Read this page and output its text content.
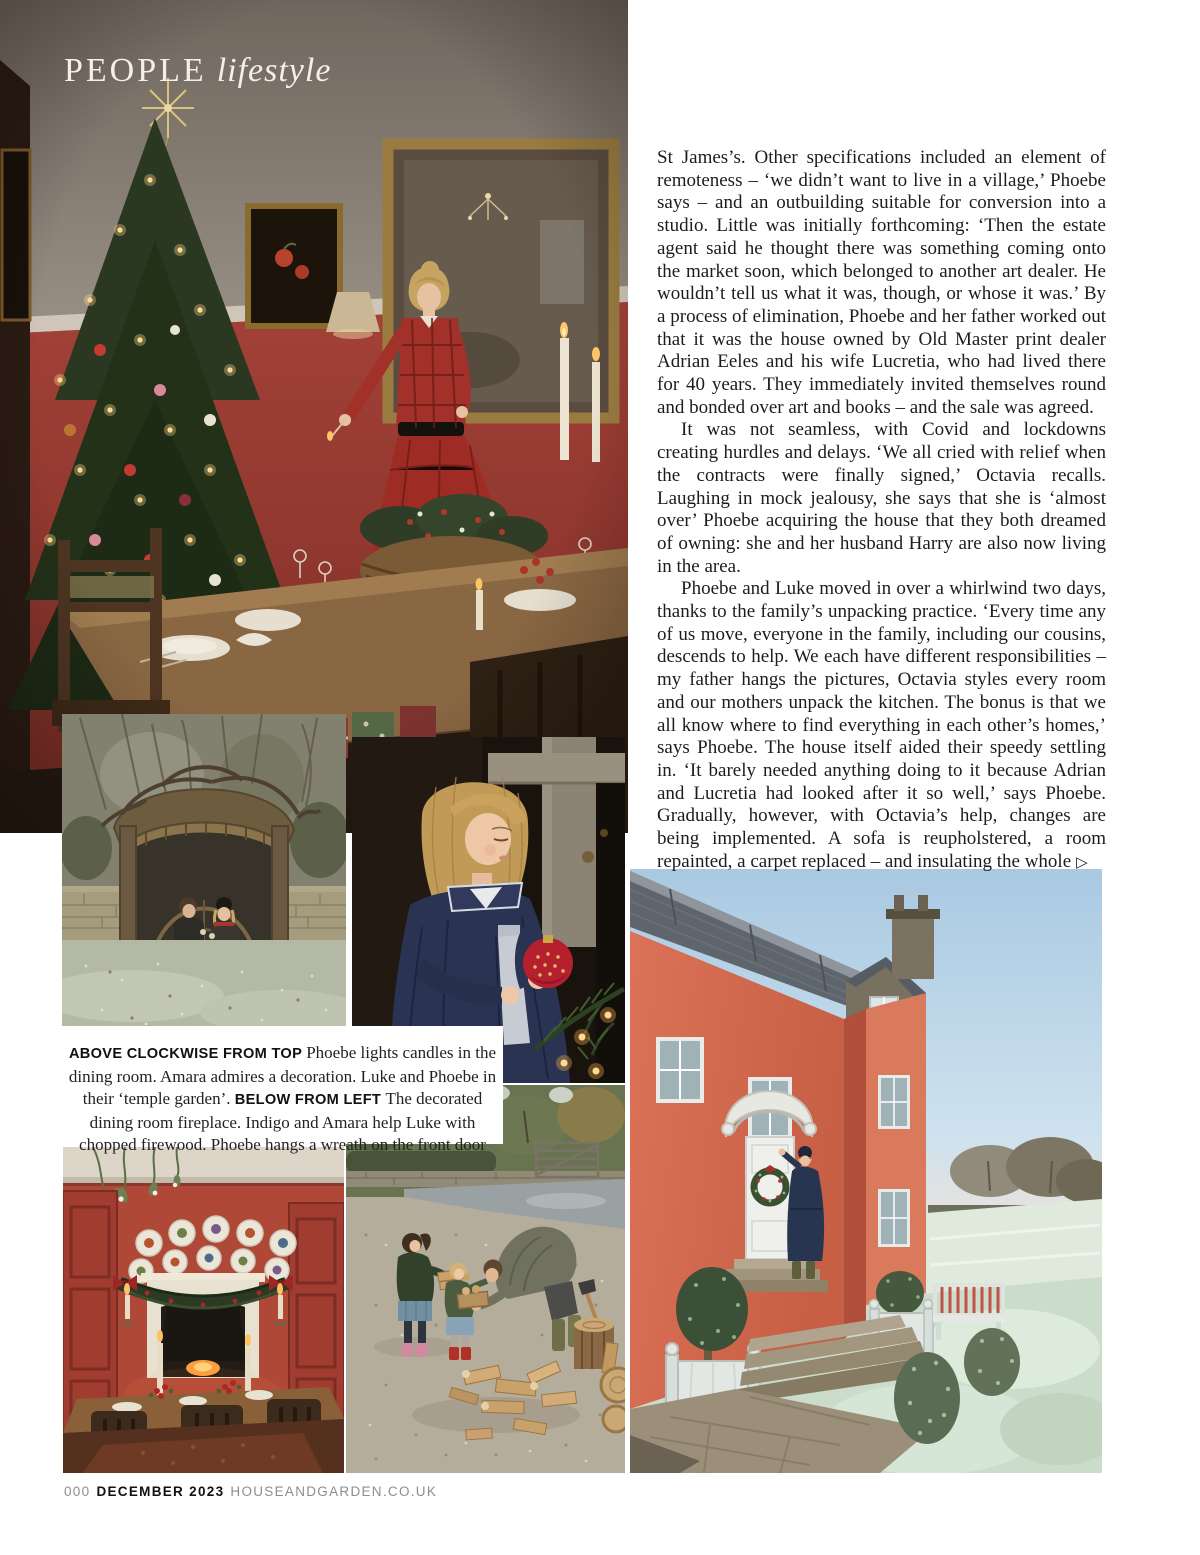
ABOVE CLOCKWISE FROM TOP Phoebe lights candles in the dining room. Amara admires a decoration. Luke and Phoebe in their ‘temple garden’. BELOW FROM LEFT The decorated dining room fireplace. Indigo and Amara help Luke with chopped firewood. Phoebe hangs a wreath on the front door
PEOPLE lifestyle

St James’s. Other specifications included an element of remoteness – ‘we didn’t want to live in a village,’ Phoebe says – and an outbuilding suitable for conversion into a studio. Little was initially forthcoming: ‘Then the estate agent said he thought there was something coming onto the market soon, which belonged to another art dealer. He wouldn’t tell us what it was, though, or whose it was.’ By a process of elimination, Phoebe and her father worked out that it was the house owned by Old Master print dealer Adrian Eeles and his wife Lucretia, who had lived there for 40 years. They immediately invited themselves round and bonded over art and books – and the sale was agreed.

It was not seamless, with Covid and lockdowns creating hurdles and delays. ‘We all cried with relief when the contracts were finally signed,’ Octavia recalls. Laughing in mock jealousy, she says that she is ‘almost over’ Phoebe acquiring the house that they both dreamed of owning: she and her husband Harry are also now living in the area.

Phoebe and Luke moved in over a whirlwind two days, thanks to the family’s unpacking practice. ‘Every time any of us move, everyone in the family, including our cousins, descends to help. We each have different responsibilities – my father hangs the pictures, Octavia styles every room and our mothers unpack the kitchen. The bonus is that we all know where to find everything in each other’s homes,’ says Phoebe. The house itself aided their speedy settling in. ‘It barely needed anything doing to it because Adrian and Lucretia had looked after it so well,’ says Phoebe. Gradually, however, with Octavia’s help, changes are being implemented. A sofa is reupholstered, a room repainted, a carpet replaced – and insulating the whole ▷

000 DECEMBER 2023 HOUSEANDGARDEN.CO.UK
